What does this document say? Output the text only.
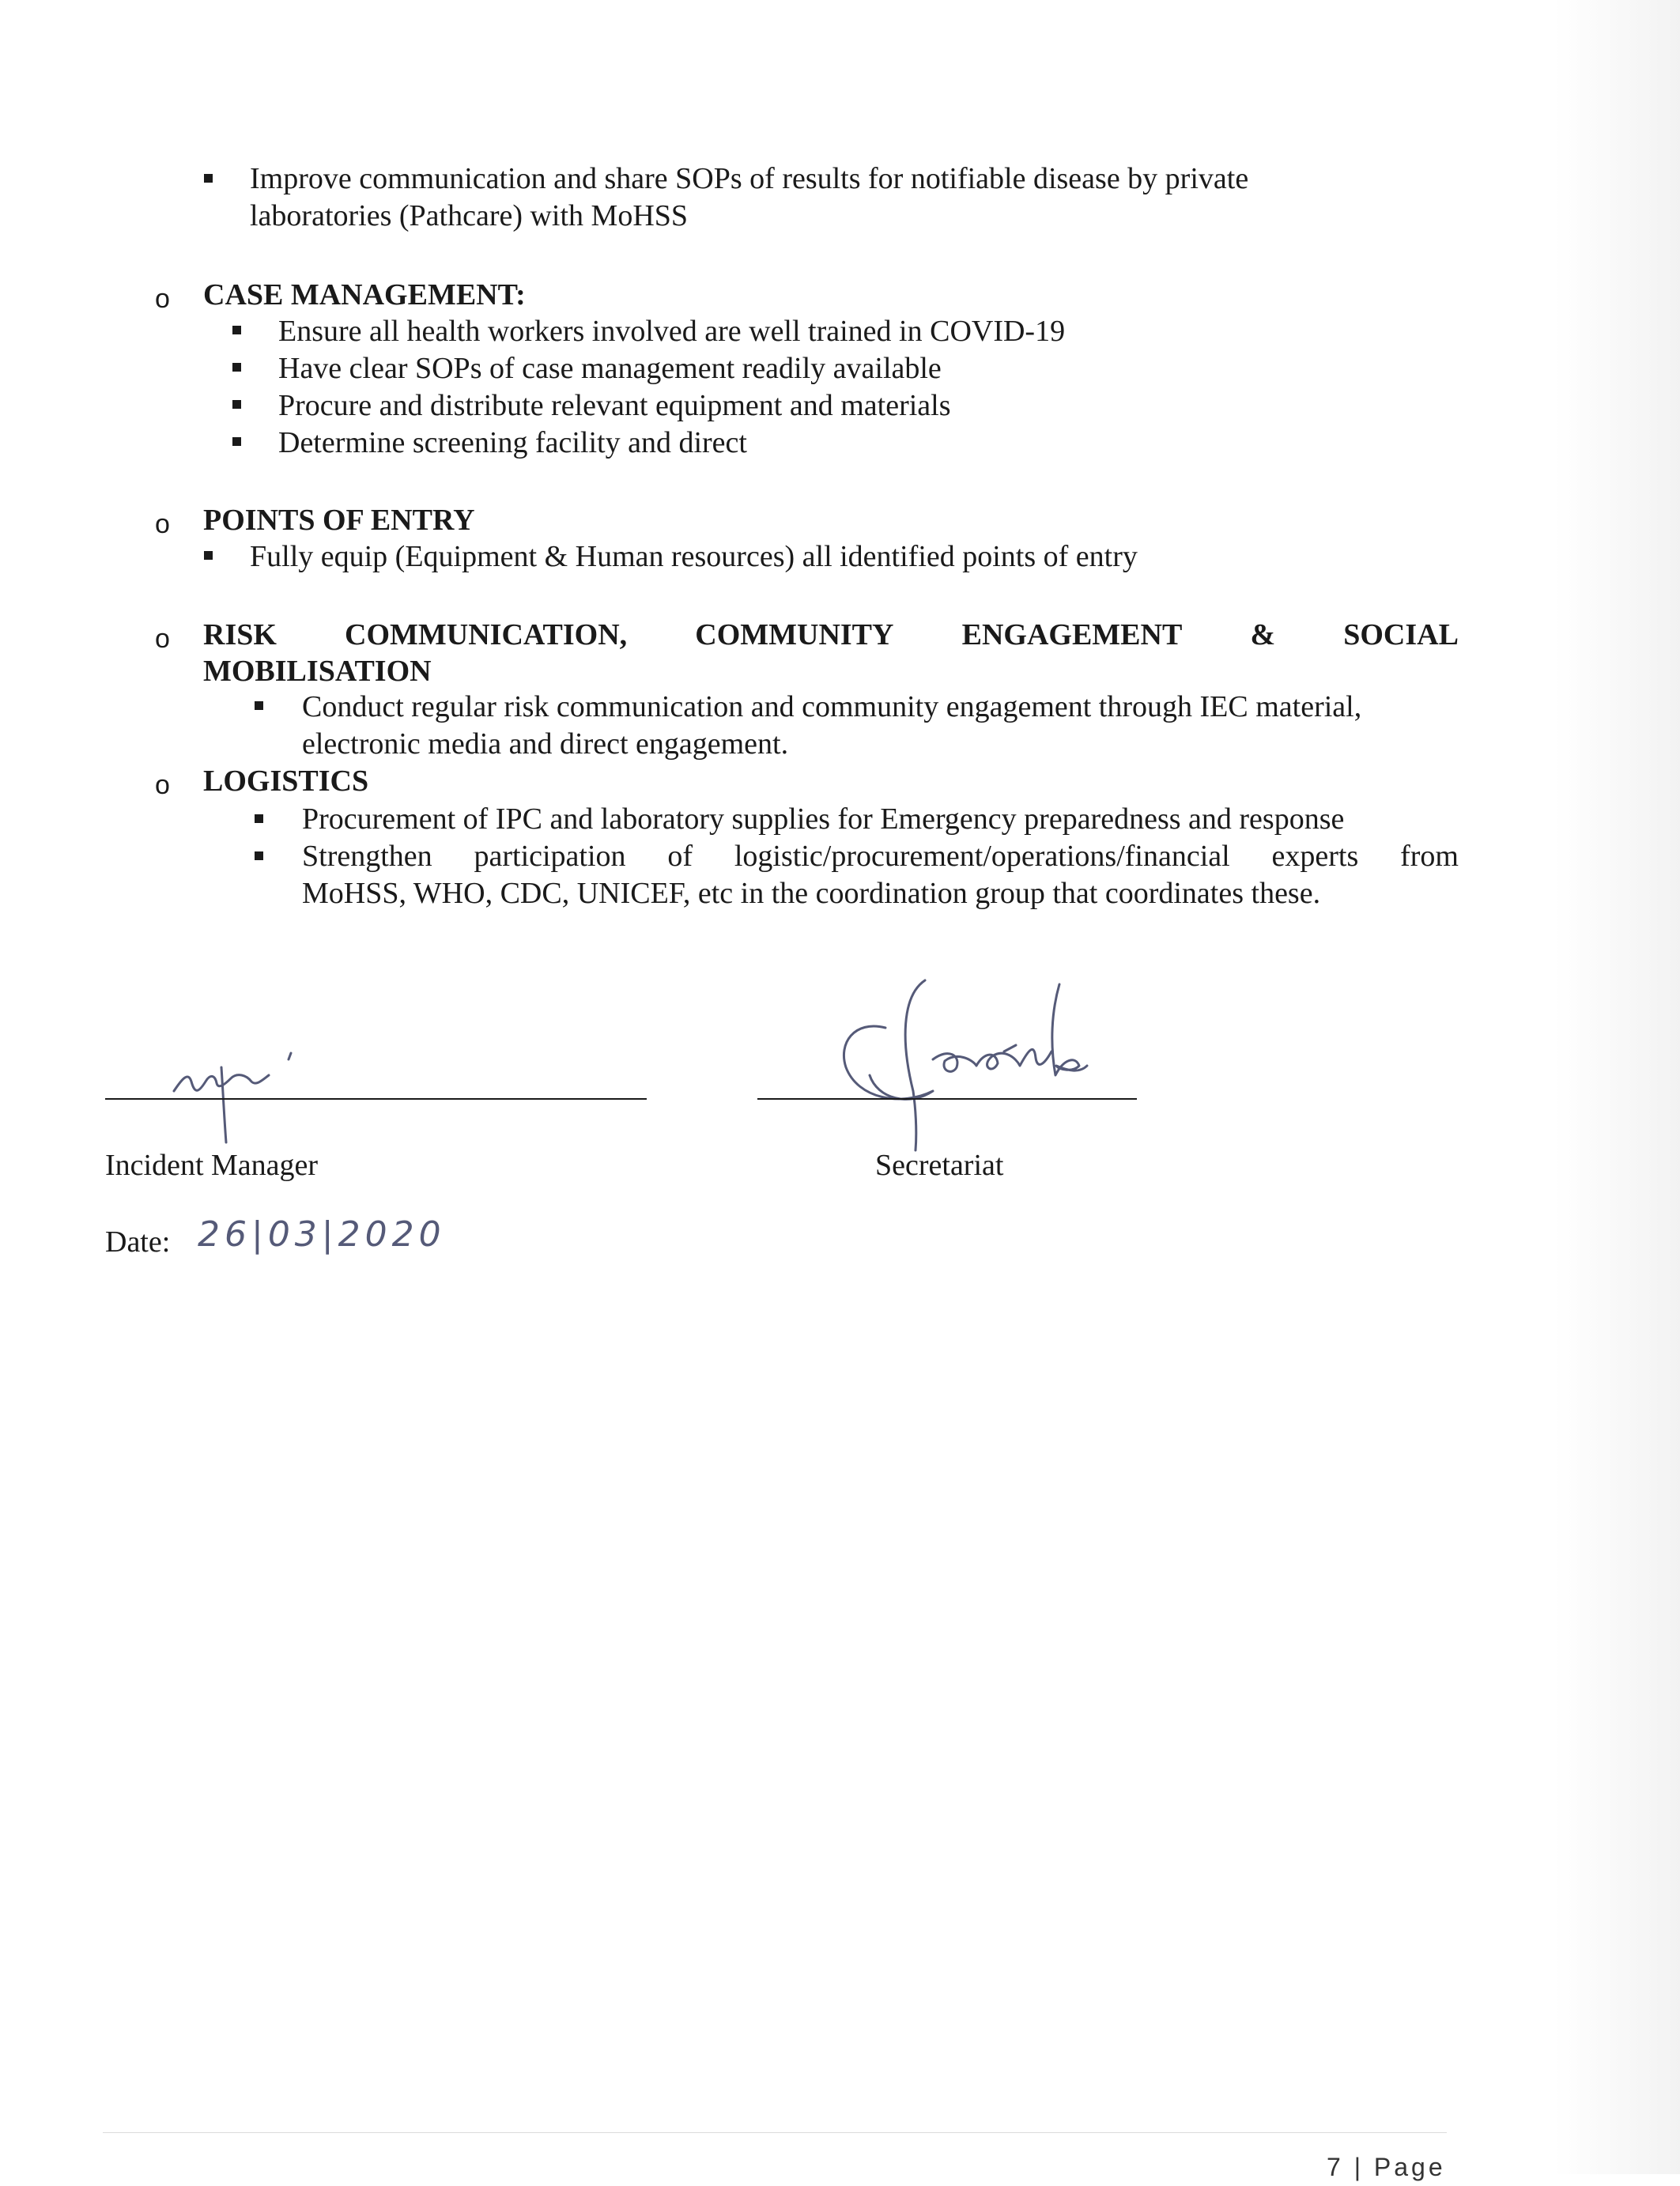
Improve communication and share SOPs of results for notifiable disease by private

laboratories (Pathcare) with MoHSS

o CASE MANAGEMENT:

Ensure all health workers involved are well trained in COVID-19

Have clear SOPs of case management readily available

Procure and distribute relevant equipment and materials

Determine screening facility and direct

o POINTS OF ENTRY

Fully equip (Equipment & Human resources) all identified points of entry

o RISK COMMUNICATION, COMMUNITY ENGAGEMENT & SOCIAL

MOBILISATION

Conduct regular risk communication and community engagement through IEC material,

electronic media and direct engagement.

o LOGISTICS

Procurement of IPC and laboratory supplies for Emergency preparedness and response

Strengthen participation of logistic/procurement/operations/financial experts from

MoHSS, WHO, CDC, UNICEF, etc in the coordination group that coordinates these.

Incident Manager	Secretariat

Date: 26|03|2020

7 | Page
